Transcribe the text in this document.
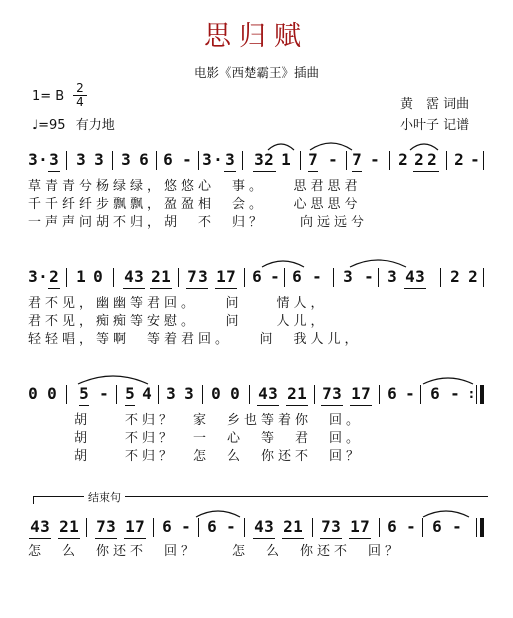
思归赋
电影《西楚霸王》插曲
1= B
2
4
♩=95 有力地
黄　霑 词曲
小叶子 记谱
3 · 3 3 3 3 6 6 - 3 · 3 3 2 1 7 - 7 - 2 2 2 2 -
草青青兮杨绿绿，悠悠心　事。　　思君思君
千千纤纤步飘飘，盈盈相　会。　　心思思兮
一声声问胡不归，胡　不　归？　　向远远兮
3 · 2 1 0 4 3 2 1 7 3 1 7 6 - 6 - 3 - 3 4 3 2 2
君不见，幽幽等君回。　　问　　情人，
君不见，痴痴等安慰。　　问　　人儿，
轻轻唱，等啊　等着君回。　　问　我人儿，
0 0 5 - 5 4 3 3 0 0 4 3 2 1 7 3 1 7 6 - 6 - :
胡　　不归？　家　乡也等着你　回。
胡　　不归？　一　心　等　君　回。
胡　　不归？　怎　么　你还不　回？
结束句
4 3 2 1 7 3 1 7 6 - 6 - 4 3 2 1 7 3 1 7 6 - 6 -
怎　么　你还不　回？　　怎　么　你还不　回？
